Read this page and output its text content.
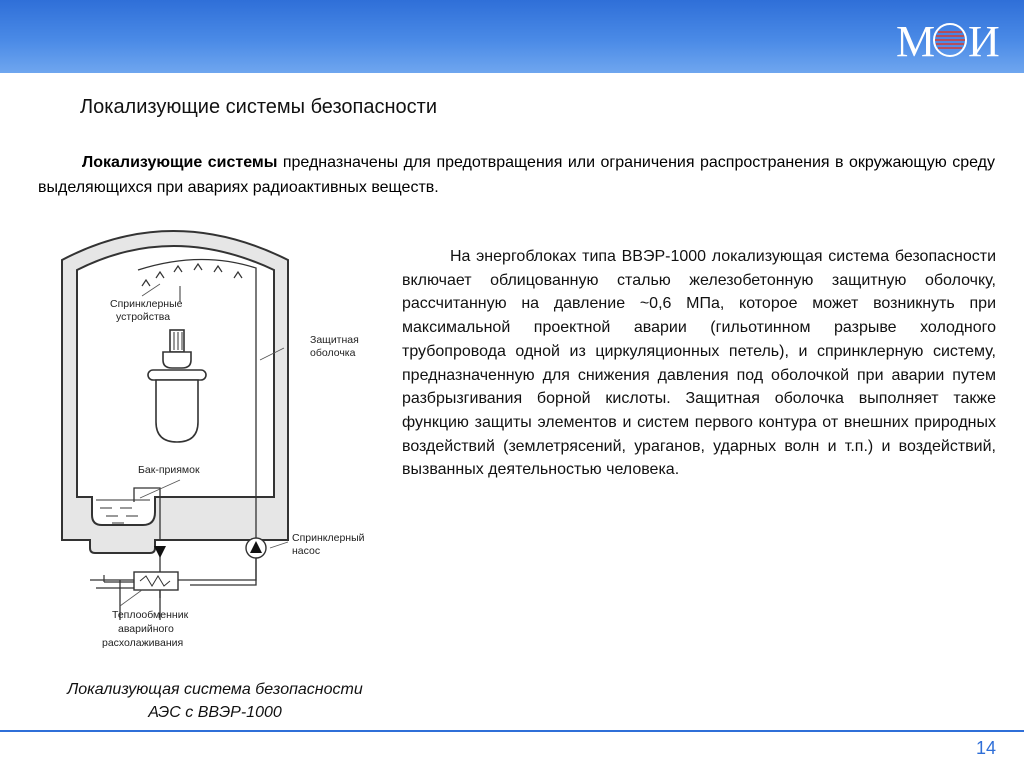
М И
Локализующие системы безопасности
Локализующие системы предназначены для предотвращения или ограничения распространения в окружающую среду выделяющихся при авариях радиоактивных веществ.
Спринклерные
устройства
Защитная
оболочка
Бак-приямок
Спринклерный
насос
Теплообменник
аварийного
расхолаживания
Локализующая система безопасности
АЭС с ВВЭР-1000
На энергоблоках типа ВВЭР-1000 локализующая система безопасности включает облицованную сталью железобетонную защитную оболочку, рассчитанную на давление ~0,6 МПа, которое может возникнуть при максимальной проектной аварии (гильотинном разрыве холодного трубопровода одной из циркуляционных петель), и спринклерную систему, предназначенную для снижения давления под оболочкой при аварии путем разбрызгивания борной кислоты. Защитная оболочка выполняет также функцию защиты элементов и систем первого контура от внешних природных воздействий (землетрясений, ураганов, ударных волн и т.п.) и воздействий, вызванных деятельностью человека.
14
